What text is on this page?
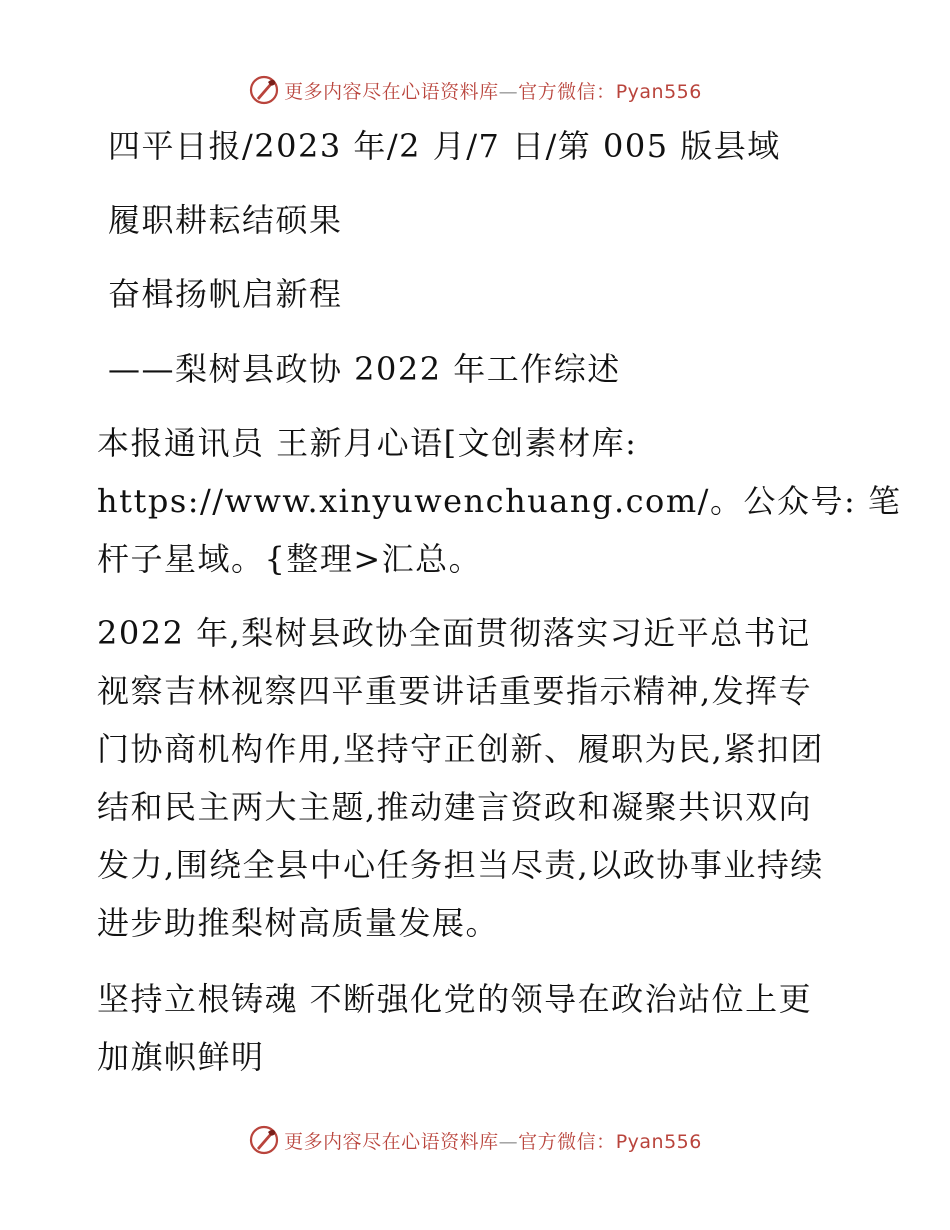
更多内容尽在心语资料库—官方微信：Pyan556
四平日报/2023 年/2 月/7 日/第 005 版县域
履职耕耘结硕果
奋楫扬帆启新程
——梨树县政协 2022 年工作综述
本报通讯员 王新月心语[文创素材库:
https://www.xinyuwenchuang.com/。公众号: 笔
杆子星域。{整理>汇总。
2022 年,梨树县政协全面贯彻落实习近平总书记
视察吉林视察四平重要讲话重要指示精神,发挥专
门协商机构作用,坚持守正创新、履职为民,紧扣团
结和民主两大主题,推动建言资政和凝聚共识双向
发力,围绕全县中心任务担当尽责,以政协事业持续
进步助推梨树高质量发展。
坚持立根铸魂 不断强化党的领导在政治站位上更
加旗帜鲜明
更多内容尽在心语资料库—官方微信：Pyan556
